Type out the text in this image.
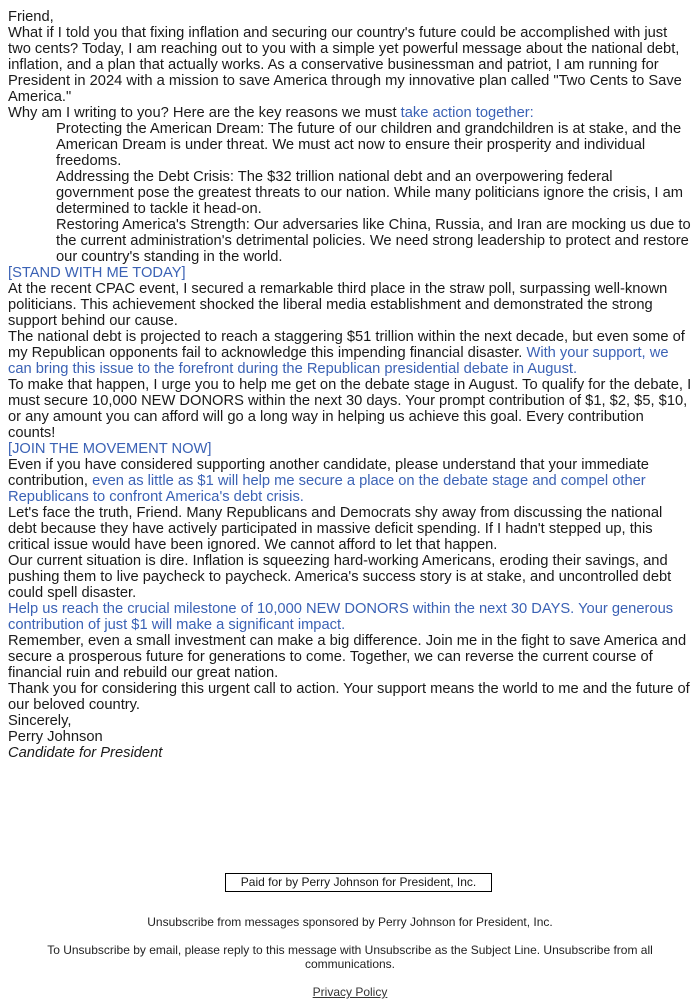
Friend,

What if I told you that fixing inflation and securing our country's future could be accomplished with just two cents? Today, I am reaching out to you with a simple yet powerful message about the national debt, inflation, and a plan that actually works. As a conservative businessman and patriot, I am running for President in 2024 with a mission to save America through my innovative plan called "Two Cents to Save America."

Why am I writing to you? Here are the key reasons we must take action together:

Protecting the American Dream: The future of our children and grandchildren is at stake, and the American Dream is under threat. We must act now to ensure their prosperity and individual freedoms.

Addressing the Debt Crisis: The $32 trillion national debt and an overpowering federal government pose the greatest threats to our nation. While many politicians ignore the crisis, I am determined to tackle it head-on.

Restoring America's Strength: Our adversaries like China, Russia, and Iran are mocking us due to the current administration's detrimental policies. We need strong leadership to protect and restore our country's standing in the world.

[STAND WITH ME TODAY]

At the recent CPAC event, I secured a remarkable third place in the straw poll, surpassing well-known politicians. This achievement shocked the liberal media establishment and demonstrated the strong support behind our cause.

The national debt is projected to reach a staggering $51 trillion within the next decade, but even some of my Republican opponents fail to acknowledge this impending financial disaster. With your support, we can bring this issue to the forefront during the Republican presidential debate in August.

To make that happen, I urge you to help me get on the debate stage in August. To qualify for the debate, I must secure 10,000 NEW DONORS within the next 30 days. Your prompt contribution of $1, $2, $5, $10, or any amount you can afford will go a long way in helping us achieve this goal. Every contribution counts!

[JOIN THE MOVEMENT NOW]

Even if you have considered supporting another candidate, please understand that your immediate contribution, even as little as $1 will help me secure a place on the debate stage and compel other Republicans to confront America's debt crisis.

Let's face the truth, Friend. Many Republicans and Democrats shy away from discussing the national debt because they have actively participated in massive deficit spending. If I hadn't stepped up, this critical issue would have been ignored. We cannot afford to let that happen.

Our current situation is dire. Inflation is squeezing hard-working Americans, eroding their savings, and pushing them to live paycheck to paycheck. America's success story is at stake, and uncontrolled debt could spell disaster.

Help us reach the crucial milestone of 10,000 NEW DONORS within the next 30 DAYS. Your generous contribution of just $1 will make a significant impact.

Remember, even a small investment can make a big difference. Join me in the fight to save America and secure a prosperous future for generations to come. Together, we can reverse the current course of financial ruin and rebuild our great nation.

Thank you for considering this urgent call to action. Your support means the world to me and the future of our beloved country.

Sincerely,

Perry Johnson

Candidate for President

Paid for by Perry Johnson for President, Inc.
Unsubscribe from messages sponsored by Perry Johnson for President, Inc.
To Unsubscribe by email, please reply to this message with Unsubscribe as the Subject Line. Unsubscribe from all communications.
Privacy Policy
